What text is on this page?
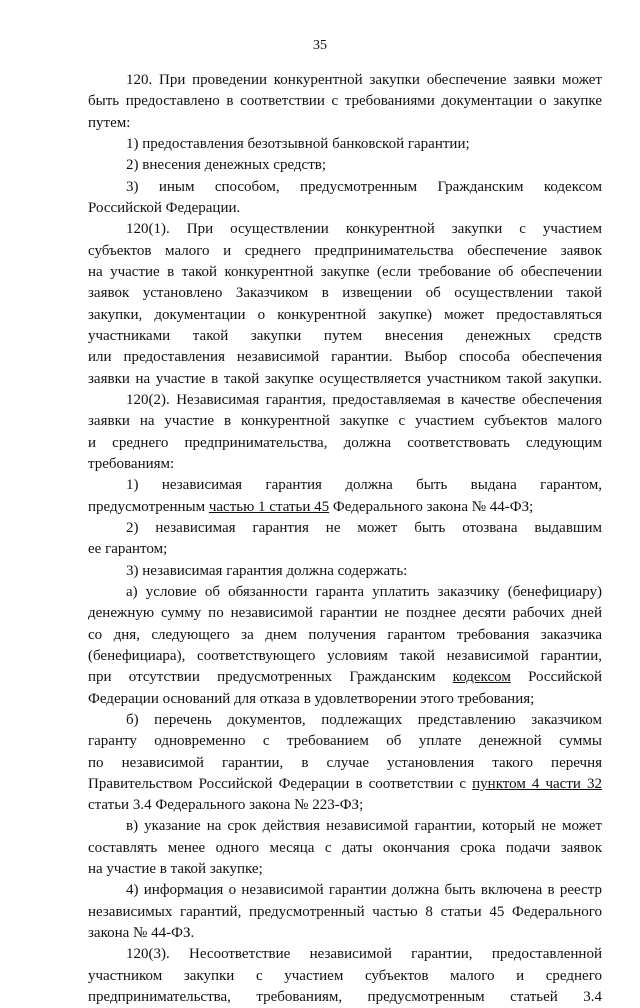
35
120. При проведении конкурентной закупки обеспечение заявки может
быть предоставлено в соответствии с требованиями документации о закупке
путем:
1) предоставления безотзывной банковской гарантии;
2) внесения денежных средств;
3) иным способом, предусмотренным Гражданским кодексом
Российской Федерации.
120(1). При осуществлении конкурентной закупки с участием
субъектов малого и среднего предпринимательства обеспечение заявок
на участие в такой конкурентной закупке (если требование об обеспечении
заявок установлено Заказчиком в извещении об осуществлении такой
закупки, документации о конкурентной закупке) может предоставляться
участниками такой закупки путем внесения денежных средств
или предоставления независимой гарантии. Выбор способа обеспечения
заявки на участие в такой закупке осуществляется участником такой закупки.
120(2). Независимая гарантия, предоставляемая в качестве обеспечения
заявки на участие в конкурентной закупке с участием субъектов малого
и среднего предпринимательства, должна соответствовать следующим
требованиям:
1) независимая гарантия должна быть выдана гарантом,
предусмотренным частью 1 статьи 45 Федерального закона № 44-ФЗ;
2) независимая гарантия не может быть отозвана выдавшим
ее гарантом;
3) независимая гарантия должна содержать:
а) условие об обязанности гаранта уплатить заказчику (бенефициару)
денежную сумму по независимой гарантии не позднее десяти рабочих дней
со дня, следующего за днем получения гарантом требования заказчика
(бенефициара), соответствующего условиям такой независимой гарантии,
при отсутствии предусмотренных Гражданским кодексом Российской
Федерации оснований для отказа в удовлетворении этого требования;
б) перечень документов, подлежащих представлению заказчиком
гаранту одновременно с требованием об уплате денежной суммы
по независимой гарантии, в случае установления такого перечня
Правительством Российской Федерации в соответствии с пунктом 4 части 32
статьи 3.4 Федерального закона № 223-ФЗ;
в) указание на срок действия независимой гарантии, который не может
составлять менее одного месяца с даты окончания срока подачи заявок
на участие в такой закупке;
4) информация о независимой гарантии должна быть включена в реестр
независимых гарантий, предусмотренный частью 8 статьи 45 Федерального
закона № 44-ФЗ.
120(3). Несоответствие независимой гарантии, предоставленной
участником закупки с участием субъектов малого и среднего
предпринимательства, требованиям, предусмотренным статьей 3.4
